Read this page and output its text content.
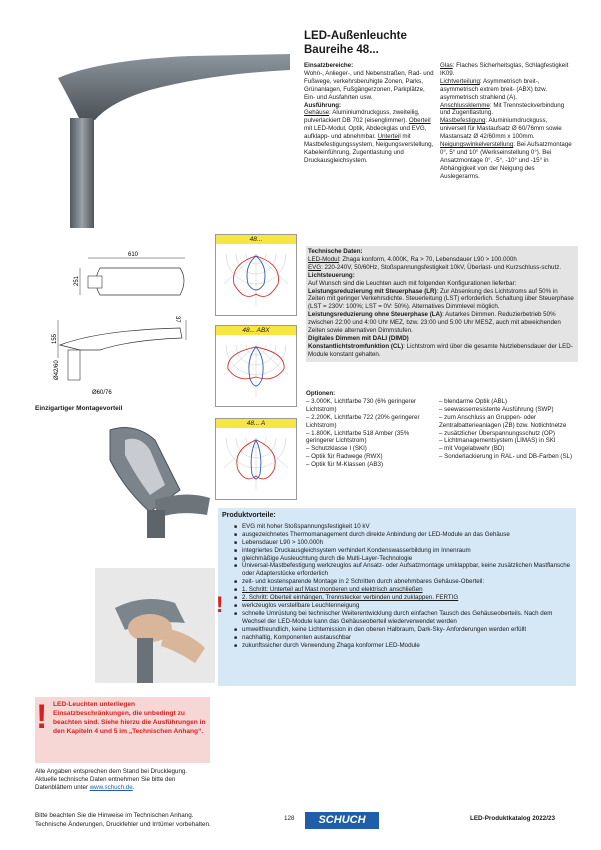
LED-Außenleuchte
Baureihe 48...

Einsatzbereiche:

Wohn-, Anlieger-, und Nebenstraßen, Rad- und Fußwege, verkehrsberuhigte Zonen, Parks, Grünanlagen, Fußgängerzonen, Parkplätze, Ein- und Ausfahrten usw.

Ausführung:

Gehäuse: Aluminiumdruckguss, zweiteilig, pulverlackiert DB 702 (eisenglimmer). Oberteil mit LED-Modul, Optik, Abdeckglas und EVG, aufklapp- und abnehmbar. Unterteil mit Mastbefestigungssystem, Neigungsverstellung, Kabeleinführung, Zugentlastung und Druckausgleichsystem.

Glas: Flaches Sicherheitsglas, Schlagfestigkeit IK09.

Lichtverteilung: Asymmetrisch breit-, asymmetrisch extrem breit- (ABX) bzw. asymmetrisch strahlend (A).

Anschlussklemme: Mit Trennsteckverbindung und Zugentlastung.

Mastbefestigung: Aluminiumdruckguss, universell für Mastaufsatz Ø 60/76mm sowie Mastansatz Ø 42/60mm x 100mm.

Neigungswinkelverstellung: Bei Aufsatzmontage 0°, 5° und 10° (Werkseinstellung 0°). Bei Ansatzmontage 0°, -5°, -10° und -15° in Abhängigkeit von der Neigung des Auslegerarms.

610
251
155
37
Ø42/60
Ø60/76
Einzigartiger Montagevorteil
48...
48... ABX
48... A

Technische Daten:

LED-Modul: Zhaga konform, 4.000K, Ra > 70, Lebensdauer L90 > 100.000h

EVG: 220-240V, 50/60Hz, Stoßspannungsfestigkeit 10kV, Überlast- und Kurzschluss-schutz.

Lichtsteuerung:

Auf Wunsch sind die Leuchten auch mit folgenden Konfigurationen lieferbar:

Leistungsreduzierung mit Steuerphase (LR): Zur Absenkung des Lichtstroms auf 50% in Zeiten mit geringer Verkehrsdichte. Steuerleitung (LST) erforderlich. Schaltung über Steuerphase (LST = 230V: 100%; LST = 0V: 50%). Alternatives Dimmlevel möglich.

Leistungsreduzierung ohne Steuerphase (LA): Autarkes Dimmen. Reduzierbetrieb 50% zwischen 22:00 und 4:00 Uhr MEZ, bzw. 23:00 und 5:00 Uhr MESZ, auch mit abweichenden Zeiten sowie alternativen Dimmstufen.

Digitales Dimmen mit DALI (DIMD)

Konstantlichtstromfunktion (CL): Lichtstrom wird über die gesamte Nutzlebensdauer der LED-Module konstant gehalten.

Optionen:

– 3.000K, Lichtfarbe 730 (6% geringerer Lichtstrom)

– 2.200K, Lichtfarbe 722 (20% geringerer Lichtstrom)

– 1.800K, Lichtfarbe 518 Amber (35% geringerer Lichtstrom)

– Schutzklasse I (SKI)

– Optik für Radwege (RWX)

– Optik für M-Klassen (AB3)

– blendarme Optik (ABL)

– seewasserresistente Ausführung (SWP)

– zum Anschluss an Gruppen- oder Zentralbatterieanlagen (ZB) bzw. Notlichtnetze

– zusätzlicher Überspannungsschutz (OP)

– Lichtmanagementsystem (LIMAS) in SKI

– mit Vogelabwehr (BD)

– Sonderlackierung in RAL- und DB-Farben (SL)

Produktvorteile:

■ EVG mit hoher Stoßspannungsfestigkeit 10 kV
■ ausgezeichnetes Thermomanagement durch direkte Anbindung der LED-Module an das Gehäuse
■ Lebensdauer L90 > 100.000h
■ integriertes Druckausgleichsystem verhindert Kondenswasserbildung im Innenraum
■ gleichmäßige Ausleuchtung durch die Multi-Layer-Technologie
■ Universal-Mastbefestigung werkzeuglos auf Ansatz- oder Aufsatzmontage umklappbar, keine zusätzlichen Mastflansche oder Adapterstücke erforderlich
■ zeit- und kostensparende Montage in 2 Schritten durch abnehmbares Gehäuse-Oberteil:
■ 1. Schritt: Unterteil auf Mast montieren und elektrisch anschließen
■ 2. Schritt: Oberteil einhängen, Trennstecker verbinden und zuklappen. FERTIG
■ werkzeuglos verstellbare Leuchtenneigung
■ schnelle Umrüstung bei technischer Weiterentwicklung durch einfachen Tausch des Gehäuseoberteils. Nach dem Wechsel der LED-Module kann das Gehäuseoberteil wiederverwendet werden
■ umweltfreundlich, keine Lichtemission in den oberen Halbraum, Dark-Sky- Anforderungen werden erfüllt
■ nachhaltig, Komponenten austauschbar
■ zukunftssicher durch Verwendung Zhaga konformer LED-Module
!
! LED-Leuchten unterliegen Einsatzbeschränkungen, die unbedingt zu beachten sind. Siehe hierzu die Ausführungen in den Kapiteln 4 und 5 im „Technischen Anhang“.
Alle Angaben entsprechen dem Stand bei Drucklegung. Aktuelle technische Daten entnehmen Sie bitte den Datenblättern unter www.schuch.de.
Bitte beachten Sie die Hinweise im Technischen Anhang.
Technische Änderungen, Druckfehler und Irrtümer vorbehalten.
128	SCHUCH	LED-Produktkatalog 2022/23
